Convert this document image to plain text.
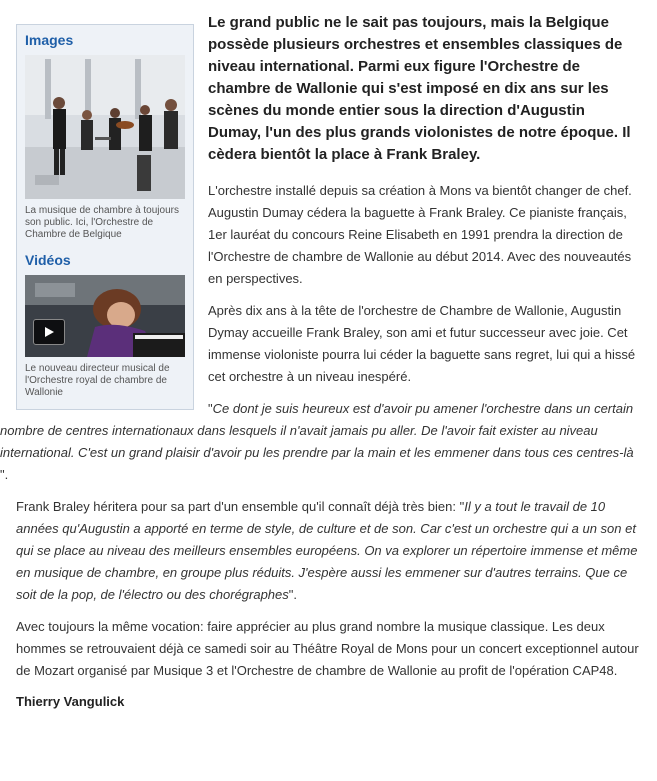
Images
La musique de chambre à toujours son public. Ici, l'Orchestre de Chambre de Belgique
Vidéos
Le nouveau directeur musical de l'Orchestre royal de chambre de Wallonie
Le grand public ne le sait pas toujours, mais la Belgique possède plusieurs orchestres et ensembles classiques de niveau international. Parmi eux figure l'Orchestre de chambre de Wallonie qui s'est imposé en dix ans sur les scènes du monde entier sous la direction d'Augustin Dumay, l'un des plus grands violonistes de notre époque. Il cèdera bientôt la place à Frank Braley.

L'orchestre installé depuis sa création à Mons va bientôt changer de chef. Augustin Dumay cédera la baguette à Frank Braley. Ce pianiste français, 1er lauréat du concours Reine Elisabeth en 1991 prendra la direction de l'Orchestre de chambre de Wallonie au début 2014. Avec des nouveautés en perspectives.

Après dix ans à la tête de l'orchestre de Chambre de Wallonie, Augustin Dymay accueille Frank Braley, son ami et futur successeur avec joie. Cet immense violoniste pourra lui céder la baguette sans regret, lui qui a hissé cet orchestre à un niveau inespéré.

"Ce dont je suis heureux est d'avoir pu amener l'orchestre dans un certain nombre de centres internationaux dans lesquels il n'avait jamais pu aller. De l'avoir fait exister au niveau international. C'est un grand plaisir d'avoir pu les prendre par la main et les emmener dans tous ces centres-là ".

Frank Braley héritera pour sa part d'un ensemble qu'il connaît déjà très bien: "Il y a tout le travail de 10 années qu'Augustin a apporté en terme de style, de culture et de son. Car c'est un orchestre qui a un son et qui se place au niveau des meilleurs ensembles européens. On va explorer un répertoire immense et même en musique de chambre, en groupe plus réduits. J'espère aussi les emmener sur d'autres terrains. Que ce soit de la pop, de l'électro ou des chorégraphes".

Avec toujours la même vocation: faire apprécier au plus grand nombre la musique classique. Les deux hommes se retrouvaient déjà ce samedi soir au Théâtre Royal de Mons pour un concert exceptionnel autour de Mozart organisé par Musique 3 et l'Orchestre de chambre de Wallonie au profit de l'opération CAP48.

Thierry Vangulick
